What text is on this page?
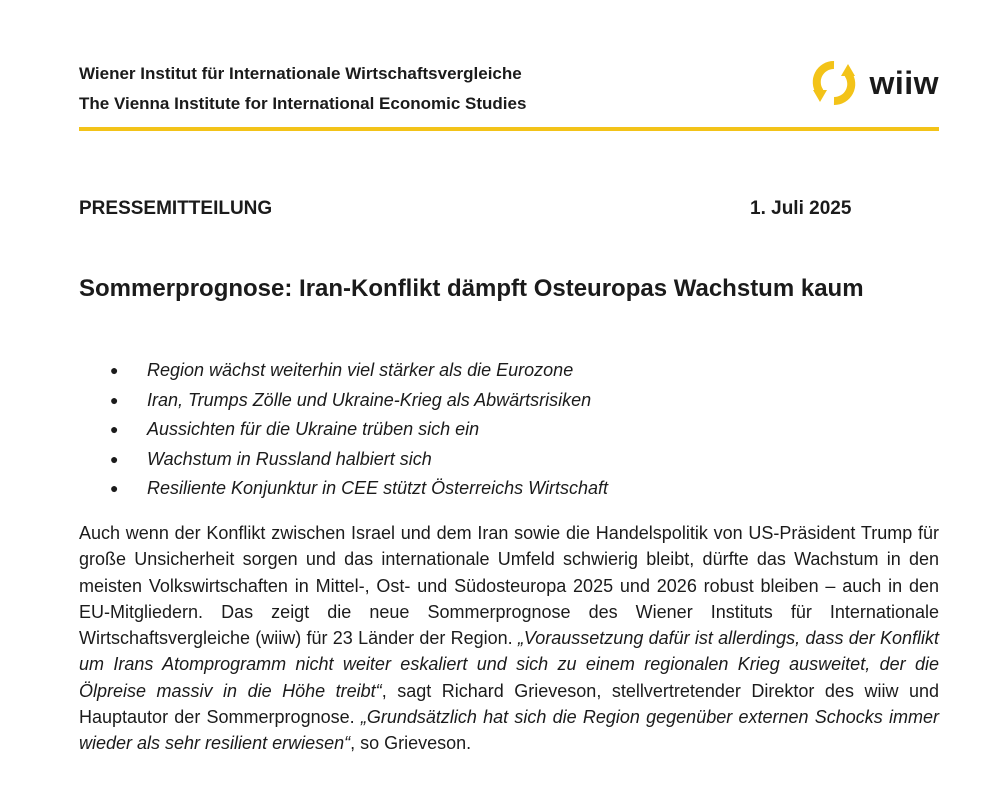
Wiener Institut für Internationale Wirtschaftsvergleiche
The Vienna Institute for International Economic Studies
wiiw
PRESSEMITTEILUNG	1. Juli 2025
Sommerprognose: Iran-Konflikt dämpft Osteuropas Wachstum kaum
●	Region wächst weiterhin viel stärker als die Eurozone
●	Iran, Trumps Zölle und Ukraine-Krieg als Abwärtsrisiken
●	Aussichten für die Ukraine trüben sich ein
●	Wachstum in Russland halbiert sich
●	Resiliente Konjunktur in CEE stützt Österreichs Wirtschaft

Auch wenn der Konflikt zwischen Israel und dem Iran sowie die Handelspolitik von US-Präsident Trump für große Unsicherheit sorgen und das internationale Umfeld schwierig bleibt, dürfte das Wachstum in den meisten Volkswirtschaften in Mittel-, Ost- und Südosteuropa 2025 und 2026 robust bleiben – auch in den EU-Mitgliedern. Das zeigt die neue Sommerprognose des Wiener Instituts für Internationale Wirtschaftsvergleiche (wiiw) für 23 Länder der Region. „Voraussetzung dafür ist allerdings, dass der Konflikt um Irans Atomprogramm nicht weiter eskaliert und sich zu einem regionalen Krieg ausweitet, der die Ölpreise massiv in die Höhe treibt“, sagt Richard Grieveson, stellvertretender Direktor des wiiw und Hauptautor der Sommerprognose. „Grundsätzlich hat sich die Region gegenüber externen Schocks immer wieder als sehr resilient erwiesen“, so Grieveson.
